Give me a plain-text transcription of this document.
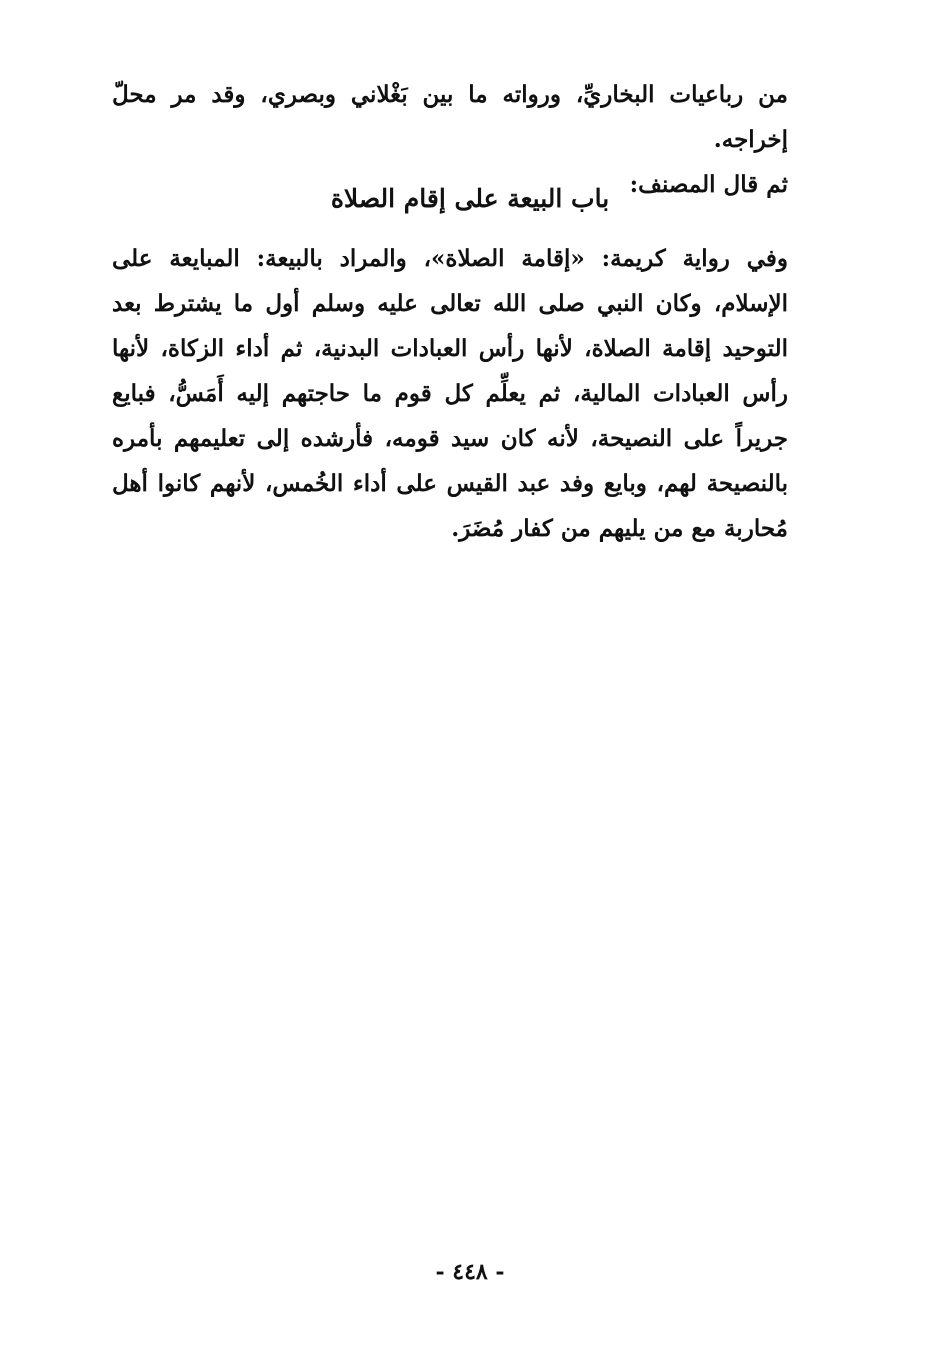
من رباعيات البخاريِّ، ورواته ما بين بَغْلاني وبصري، وقد مر محلّ إخراجه.

ثم قال المصنف:

باب البيعة على إقام الصلاة

وفي رواية كريمة: «إقامة الصلاة»، والمراد بالبيعة: المبايعة على الإسلام، وكان النبي صلى الله تعالى عليه وسلم أول ما يشترط بعد التوحيد إقامة الصلاة، لأنها رأس العبادات البدنية، ثم أداء الزكاة، لأنها رأس العبادات المالية، ثم يعلِّم كل قوم ما حاجتهم إليه أَمَسُّ، فبايع جريراً على النصيحة، لأنه كان سيد قومه، فأرشده إلى تعليمهم بأمره بالنصيحة لهم، وبايع وفد عبد القيس على أداء الخُمس، لأنهم كانوا أهل مُحاربة مع من يليهم من كفار مُضَرَ.

- ٤٤٨ -
